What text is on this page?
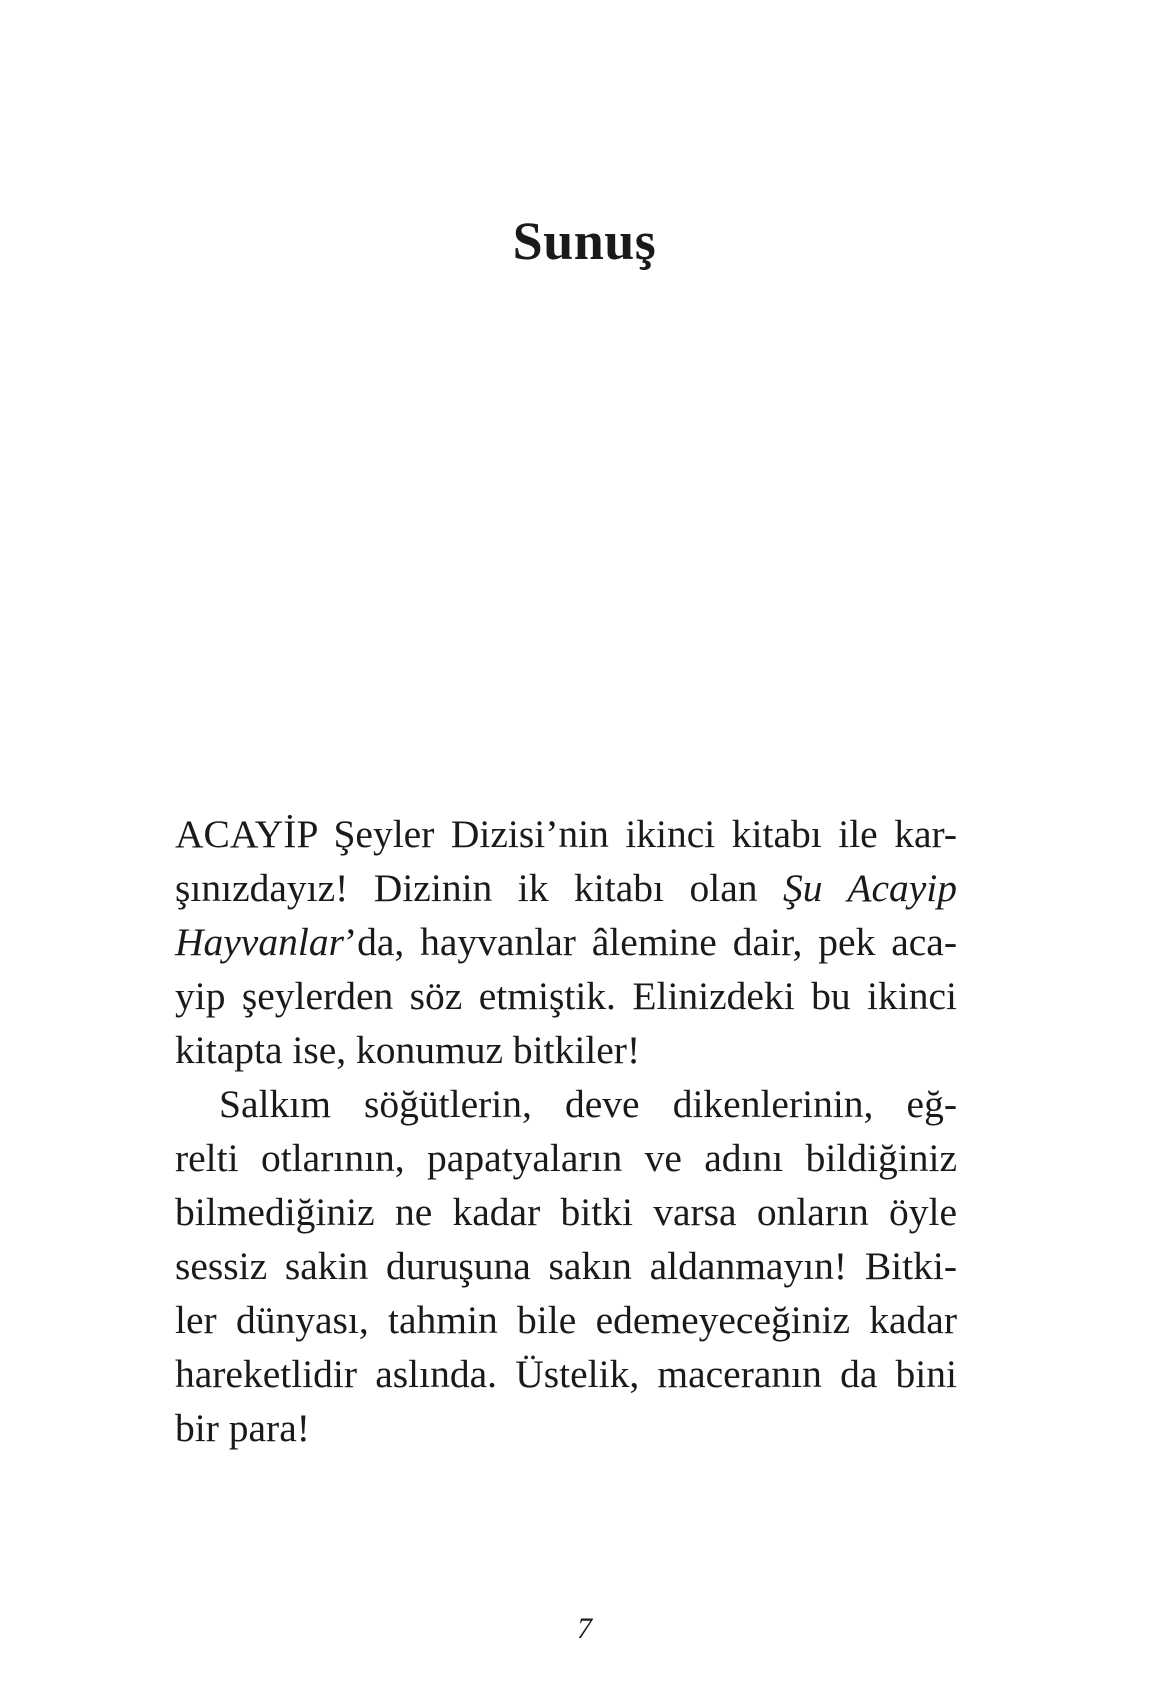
Sunuş

ACAYİP Şeyler Dizisi’nin ikinci kitabı ile kar-
şınızdayız! Dizinin ik kitabı olan Şu Acayip
Hayvanlar’da, hayvanlar âlemine dair, pek aca-
yip şeylerden söz etmiştik. Elinizdeki bu ikinci
kitapta ise, konumuz bitkiler!

Salkım söğütlerin, deve dikenlerinin, eğ-
relti otlarının, papatyaların ve adını bildiğiniz
bilmediğiniz ne kadar bitki varsa onların öyle
sessiz sakin duruşuna sakın aldanmayın! Bitki-
ler dünyası, tahmin bile edemeyeceğiniz kadar
hareketlidir aslında. Üstelik, maceranın da bini
bir para!

7
